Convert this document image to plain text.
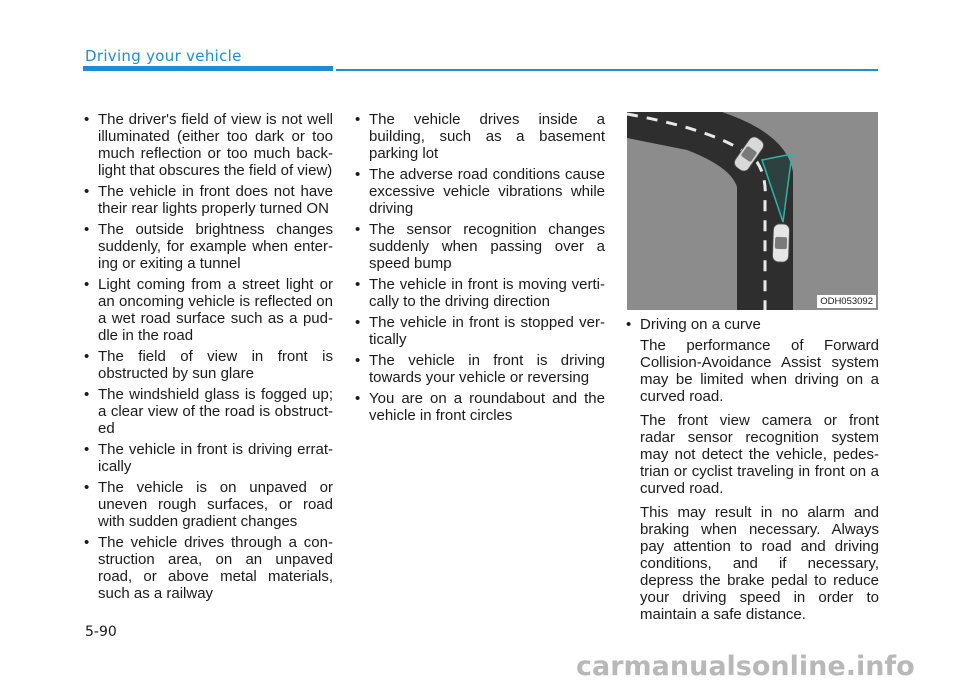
Driving your vehicle
• The driver's field of view is not well illuminated (either too dark or too much reflection or too much back-light that obscures the field of view)
• The vehicle in front does not have their rear lights properly turned ON
• The outside brightness changes suddenly, for example when enter-ing or exiting a tunnel
• Light coming from a street light or an oncoming vehicle is reflected on a wet road surface such as a pud-dle in the road
• The field of view in front is obstructed by sun glare
• The windshield glass is fogged up; a clear view of the road is obstruct-ed
• The vehicle in front is driving errat-ically
• The vehicle is on unpaved or uneven rough surfaces, or road with sudden gradient changes
• The vehicle drives through a con-struction area, on an unpaved road, or above metal materials, such as a railway
• The vehicle drives inside a building, such as a basement parking lot
• The adverse road conditions cause excessive vehicle vibrations while driving
• The sensor recognition changes suddenly when passing over a speed bump
• The vehicle in front is moving verti-cally to the driving direction
• The vehicle in front is stopped ver-tically
• The vehicle in front is driving towards your vehicle or reversing
• You are on a roundabout and the vehicle in front circles
ODH053092
• Driving on a curve

The performance of Forward Collision-Avoidance Assist system may be limited when driving on a curved road.

The front view camera or front radar sensor recognition system may not detect the vehicle, pedes-trian or cyclist traveling in front on a curved road.

This may result in no alarm and braking when necessary. Always pay attention to road and driving conditions, and if necessary, depress the brake pedal to reduce your driving speed in order to maintain a safe distance.

5-90
carmanualsonline.info
